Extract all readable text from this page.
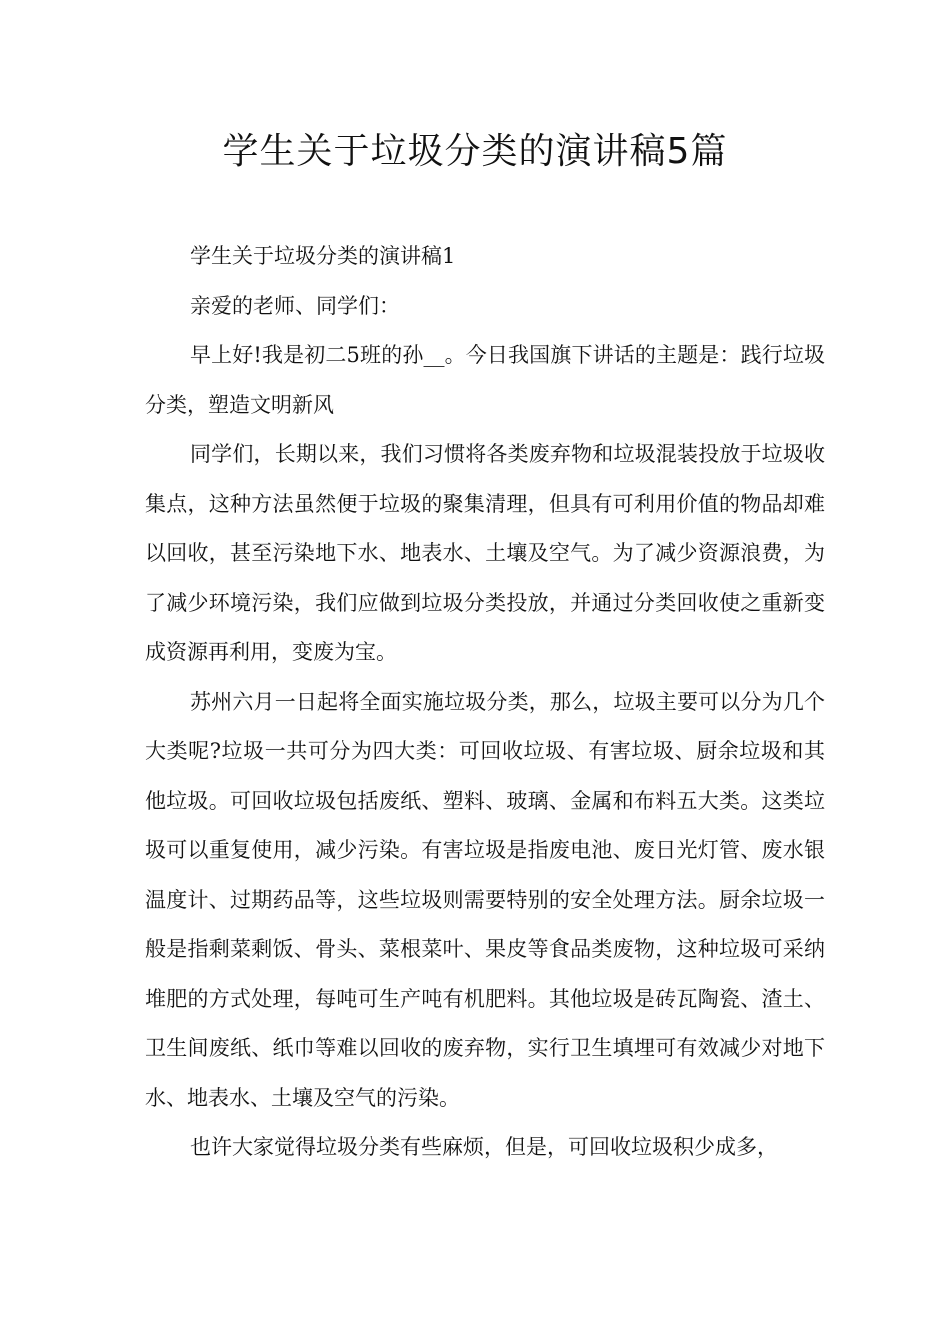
学生关于垃圾分类的演讲稿5篇

学生关于垃圾分类的演讲稿1

亲爱的老师、同学们：

早上好!我是初二5班的孙__。今日我国旗下讲话的主题是：践行垃圾分类，塑造文明新风

同学们，长期以来，我们习惯将各类废弃物和垃圾混装投放于垃圾收集点，这种方法虽然便于垃圾的聚集清理，但具有可利用价值的物品却难以回收，甚至污染地下水、地表水、土壤及空气。为了减少资源浪费，为了减少环境污染，我们应做到垃圾分类投放，并通过分类回收使之重新变成资源再利用，变废为宝。

苏州六月一日起将全面实施垃圾分类，那么，垃圾主要可以分为几个大类呢?垃圾一共可分为四大类：可回收垃圾、有害垃圾、厨余垃圾和其他垃圾。可回收垃圾包括废纸、塑料、玻璃、金属和布料五大类。这类垃圾可以重复使用，减少污染。有害垃圾是指废电池、废日光灯管、废水银温度计、过期药品等，这些垃圾则需要特别的安全处理方法。厨余垃圾一般是指剩菜剩饭、骨头、菜根菜叶、果皮等食品类废物，这种垃圾可采纳堆肥的方式处理，每吨可生产吨有机肥料。其他垃圾是砖瓦陶瓷、渣土、卫生间废纸、纸巾等难以回收的废弃物，实行卫生填埋可有效减少对地下水、地表水、土壤及空气的污染。

也许大家觉得垃圾分类有些麻烦，但是，可回收垃圾积少成多，
